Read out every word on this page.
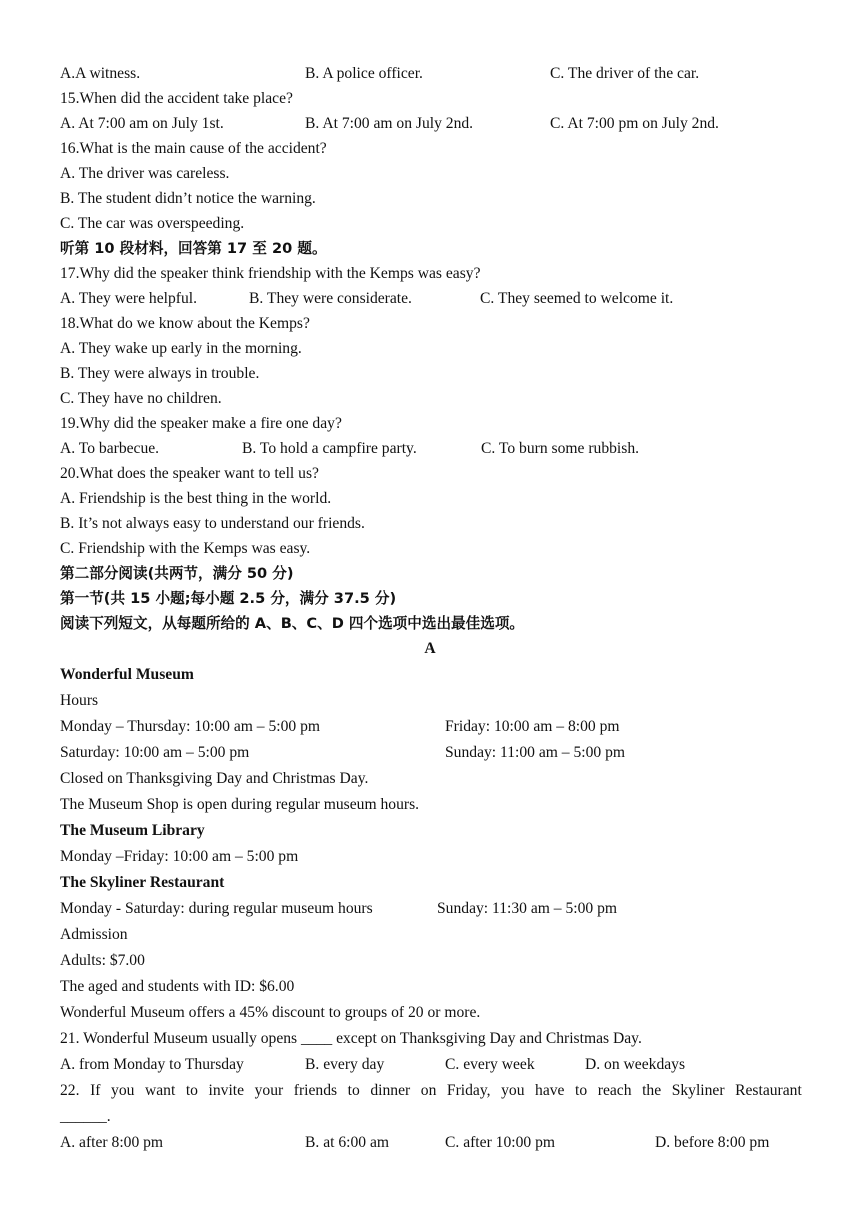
A.A witness.	B. A police officer.	C. The driver of the car.
15.When did the accident take place?
A. At 7:00 am on July 1st.	B. At 7:00 am on July 2nd.	C. At 7:00 pm on July 2nd.
16.What is the main cause of the accident?
A. The driver was careless.
B. The student didn’t notice the warning.
C. The car was overspeeding.
听第 10 段材料，回答第 17 至 20 题。
17.Why did the speaker think friendship with the Kemps was easy?
A. They were helpful.	B. They were considerate.	C. They seemed to welcome it.
18.What do we know about the Kemps?
A. They wake up early in the morning.
B. They were always in trouble.
C. They have no children.
19.Why did the speaker make a fire one day?
A. To barbecue.	B. To hold a campfire party.	C. To burn some rubbish.
20.What does the speaker want to tell us?
A. Friendship is the best thing in the world.
B. It’s not always easy to understand our friends.
C. Friendship with the Kemps was easy.
第二部分阅读(共两节，满分 50 分)
第一节(共 15 小题;每小题 2.5 分，满分 37.5 分)
阅读下列短文，从每题所给的 A、B、C、D 四个选项中选出最佳选项。
A
Wonderful Museum
Hours
Monday – Thursday: 10:00 am – 5:00 pm	Friday: 10:00 am – 8:00 pm
Saturday: 10:00 am – 5:00 pm	Sunday: 11:00 am – 5:00 pm
Closed on Thanksgiving Day and Christmas Day.
The Museum Shop is open during regular museum hours.
The Museum Library
Monday –Friday: 10:00 am – 5:00 pm
The Skyliner Restaurant
Monday - Saturday: during regular museum hours	Sunday: 11:30 am – 5:00 pm
Admission
Adults: $7.00
The aged and students with ID: $6.00
Wonderful Museum offers a 45% discount to groups of 20 or more.
21. Wonderful Museum usually opens ____ except on Thanksgiving Day and Christmas Day.
A. from Monday to Thursday	B. every day	C. every week	D. on weekdays
22. If you want to invite your friends to dinner on Friday, you have to reach the Skyliner Restaurant
______.
A. after 8:00 pm	B. at 6:00 am	C. after 10:00 pm	D. before 8:00 pm
